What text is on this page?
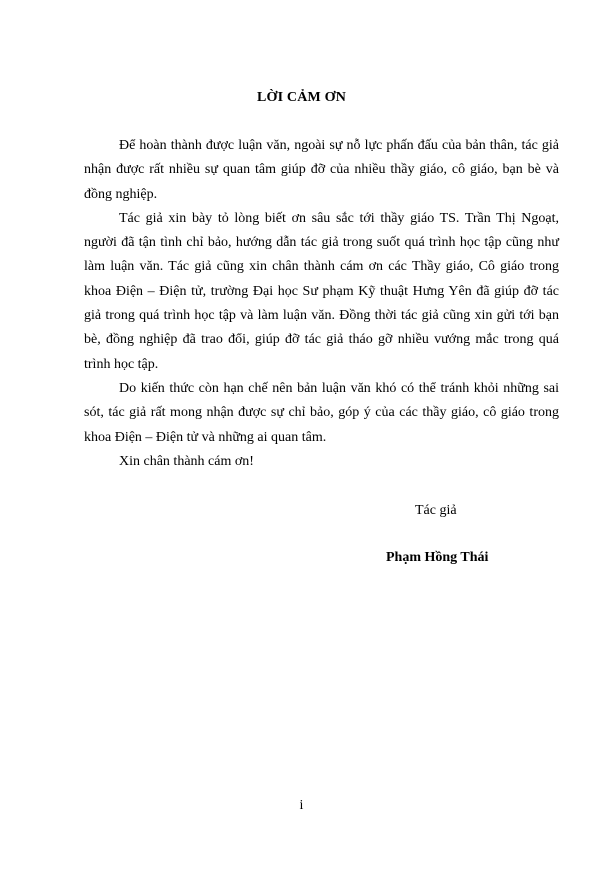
LỜI CẢM ƠN

Để hoàn thành được luận văn, ngoài sự nỗ lực phấn đấu của bản thân, tác giả nhận được rất nhiều sự quan tâm giúp đỡ của nhiều thầy giáo, cô giáo, bạn bè và đồng nghiệp.

Tác giả xin bày tỏ lòng biết ơn sâu sắc tới thầy giáo TS. Trần Thị Ngoạt, người đã tận tình chỉ bảo, hướng dẫn tác giả trong suốt quá trình học tập cũng như làm luận văn. Tác giả cũng xin chân thành cám ơn các Thầy giáo, Cô giáo trong khoa Điện – Điện tử, trường Đại học Sư phạm Kỹ thuật Hưng Yên đã giúp đỡ tác giả trong quá trình học tập và làm luận văn. Đồng thời tác giả cũng xin gửi tới bạn bè, đồng nghiệp đã trao đổi, giúp đỡ tác giả tháo gỡ nhiều vướng mắc trong quá trình học tập.

Do kiến thức còn hạn chế nên bản luận văn khó có thể tránh khỏi những sai sót, tác giả rất mong nhận được sự chỉ bảo, góp ý của các thầy giáo, cô giáo trong khoa Điện – Điện tử và những ai quan tâm.

Xin chân thành cám ơn!

Tác giả
Phạm Hồng Thái
i
